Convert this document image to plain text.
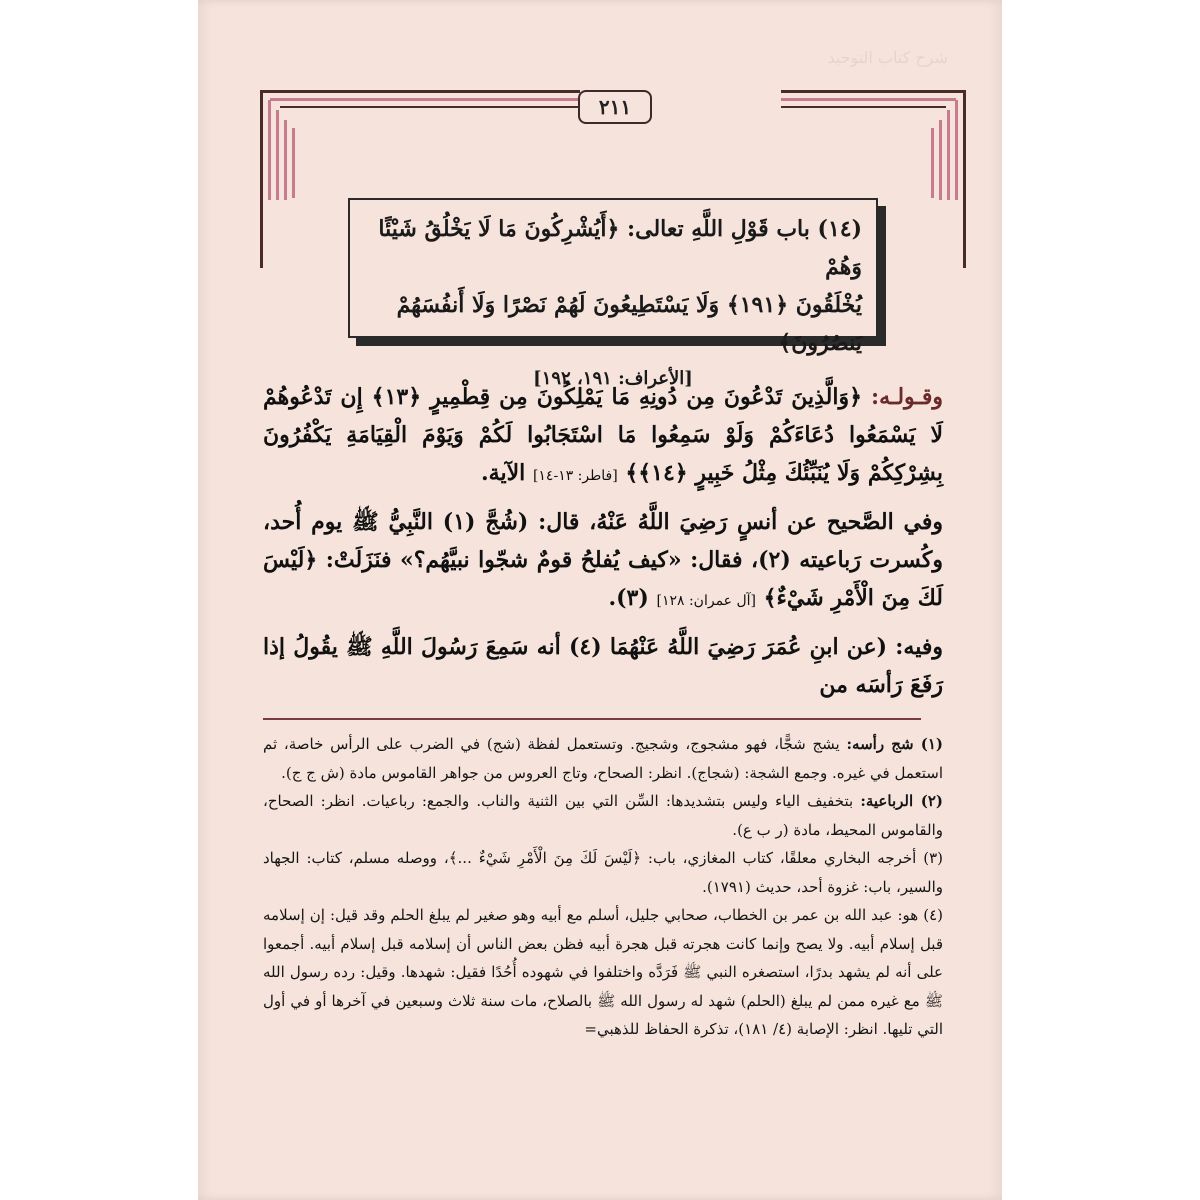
شرح كتاب التوحيد
٢١١
(١٤) باب قَوْلِ اللَّهِ تعالى: ﴿أَيُشْرِكُونَ مَا لَا يَخْلُقُ شَيْئًا وَهُمْ
يُخْلَقُونَ ﴿١٩١﴾ وَلَا يَسْتَطِيعُونَ لَهُمْ نَصْرًا وَلَا أَنفُسَهُمْ يَنصُرُونَ﴾
[الأعراف: ١٩١، ١٩٢]

وقـولـه: ﴿وَالَّذِينَ تَدْعُونَ مِن دُونِهِ مَا يَمْلِكُونَ مِن قِطْمِيرٍ ﴿١٣﴾ إِن تَدْعُوهُمْ لَا يَسْمَعُوا دُعَاءَكُمْ وَلَوْ سَمِعُوا مَا اسْتَجَابُوا لَكُمْ وَيَوْمَ الْقِيَامَةِ يَكْفُرُونَ بِشِرْكِكُمْ وَلَا يُنَبِّئُكَ مِثْلُ خَبِيرٍ ﴿١٤﴾﴾ [فاطر: ١٣-١٤] الآية.

وفي الصَّحيح عن أنسٍ رَضِيَ اللَّهُ عَنْهُ، قال: (شُجَّ (١) النَّبِيُّ ﷺ يوم أُحد، وكُسرت رَباعيته (٢)، فقال: «كيف يُفلحُ قومٌ شجّوا نبيَّهُم؟» فنَزَلَتْ: ﴿لَيْسَ لَكَ مِنَ الْأَمْرِ شَيْءٌ﴾ [آل عمران: ١٢٨] (٣).

وفيه: (عن ابنِ عُمَرَ رَضِيَ اللَّهُ عَنْهُمَا (٤) أنه سَمِعَ رَسُولَ اللَّهِ ﷺ يقُولُ إذا رَفَعَ رَأسَه من

(١) شج رأسه: يشج شجًّا، فهو مشجوج، وشجيج. وتستعمل لفظة (شج) في الضرب على الرأس خاصة، ثم استعمل في غيره. وجمع الشجة: (شجاج). انظر: الصحاح، وتاج العروس من جواهر القاموس مادة (ش ج ج).

(٢) الرباعية: بتخفيف الياء وليس بتشديدها: السِّن التي بين الثنية والناب. والجمع: رباعيات. انظر: الصحاح، والقاموس المحيط، مادة (ر ب ع).

(٣) أخرجه البخاري معلقًا، كتاب المغازي، باب: ﴿لَيْسَ لَكَ مِنَ الْأَمْرِ شَيْءٌ ...﴾، ووصله مسلم، كتاب: الجهاد والسير، باب: غزوة أحد، حديث (١٧٩١).

(٤) هو: عبد الله بن عمر بن الخطاب، صحابي جليل، أسلم مع أبيه وهو صغير لم يبلغ الحلم وقد قيل: إن إسلامه قبل إسلام أبيه. ولا يصح وإنما كانت هجرته قبل هجرة أبيه فظن بعض الناس أن إسلامه قبل إسلام أبيه. أجمعوا على أنه لم يشهد بدرًا، استصغره النبي ﷺ فَرَدَّه واختلفوا في شهوده أُحُدًا فقيل: شهدها. وقيل: رده رسول الله ﷺ مع غيره ممن لم يبلغ (الحلم) شهد له رسول الله ﷺ بالصلاح، مات سنة ثلاث وسبعين في آخرها أو في أول التي تليها. انظر: الإصابة (٤/ ١٨١)، تذكرة الحفاظ للذهبي=
